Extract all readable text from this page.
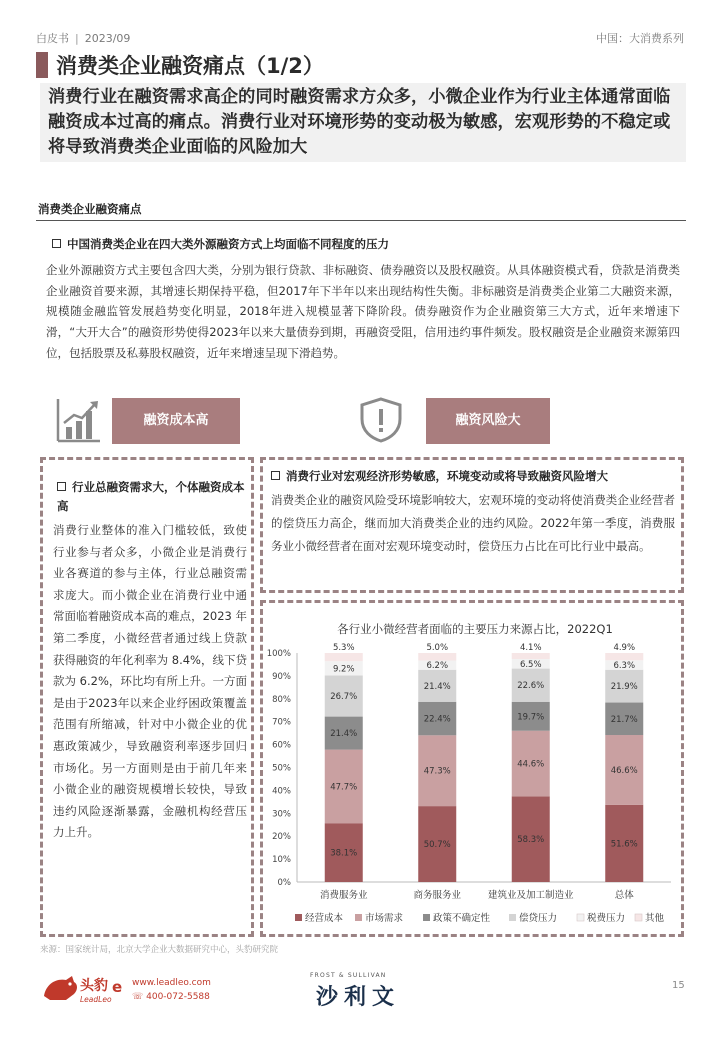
白皮书 | 2023/09	中国：大消费系列
消费类企业融资痛点（1/2）
消费行业在融资需求高企的同时融资需求方众多，小微企业作为行业主体通常面临融资成本过高的痛点。消费行业对环境形势的变动极为敏感，宏观形势的不稳定或将导致消费类企业面临的风险加大
消费类企业融资痛点
中国消费类企业在四大类外源融资方式上均面临不同程度的压力
企业外源融资方式主要包含四大类，分别为银行贷款、非标融资、债券融资以及股权融资。从具体融资模式看，贷款是消费类企业融资首要来源，其增速长期保持平稳，但2017年下半年以来出现结构性失衡。非标融资是消费类企业第二大融资来源，规模随金融监管发展趋势变化明显，2018年进入规模显著下降阶段。债券融资作为企业融资第三大方式，近年来增速下滑，“大开大合”的融资形势使得2023年以来大量债券到期，再融资受阻，信用违约事件频发。股权融资是企业融资来源第四位，包括股票及私募股权融资，近年来增速呈现下滑趋势。
融资成本高	融资风险大
行业总融资需求大，个体融资成本高
消费行业整体的准入门槛较低，致使行业参与者众多，小微企业是消费行业各赛道的参与主体，行业总融资需求庞大。而小微企业在消费行业中通常面临着融资成本高的难点，2023 年第二季度，小微经营者通过线上贷款获得融资的年化利率为 8.4%，线下贷款为 6.2%，环比均有所上升。一方面是由于2023年以来企业纾困政策覆盖范围有所缩减，针对中小微企业的优惠政策减少，导致融资利率逐步回归市场化。另一方面则是由于前几年来小微企业的融资规模增长较快，导致违约风险逐渐暴露，金融机构经营压力上升。
消费行业对宏观经济形势敏感，环境变动或将导致融资风险增大
消费类企业的融资风险受环境影响较大，宏观环境的变动将使消费类企业经营者的偿贷压力高企，继而加大消费类企业的违约风险。2022年第一季度，消费服务业小微经营者在面对宏观环境变动时，偿贷压力占比在可比行业中最高。
各行业小微经营者面临的主要压力来源占比，2022Q1
0%
10%
20%
30%
40%
50%
60%
70%
80%
90%
100%
38.1%
47.7%
21.4%
26.7%
9.2%
5.3%
消费服务业
50.7%
47.3%
22.4%
21.4%
6.2%
5.0%
商务服务业
58.3%
44.6%
19.7%
22.6%
6.5%
4.1%
建筑业及加工制造业
51.6%
46.6%
21.7%
21.9%
6.3%
4.9%
总体
经营成本 市场需求	政策不确定性	偿贷压力	税费压力 其他
来源：国家统计局，北京大学企业大数据研究中心，头豹研究院
头豹
LeadLeo
e www.leadleo.com
☏ 400-072-5588
FROST & SULLIVAN
沙利文	15
